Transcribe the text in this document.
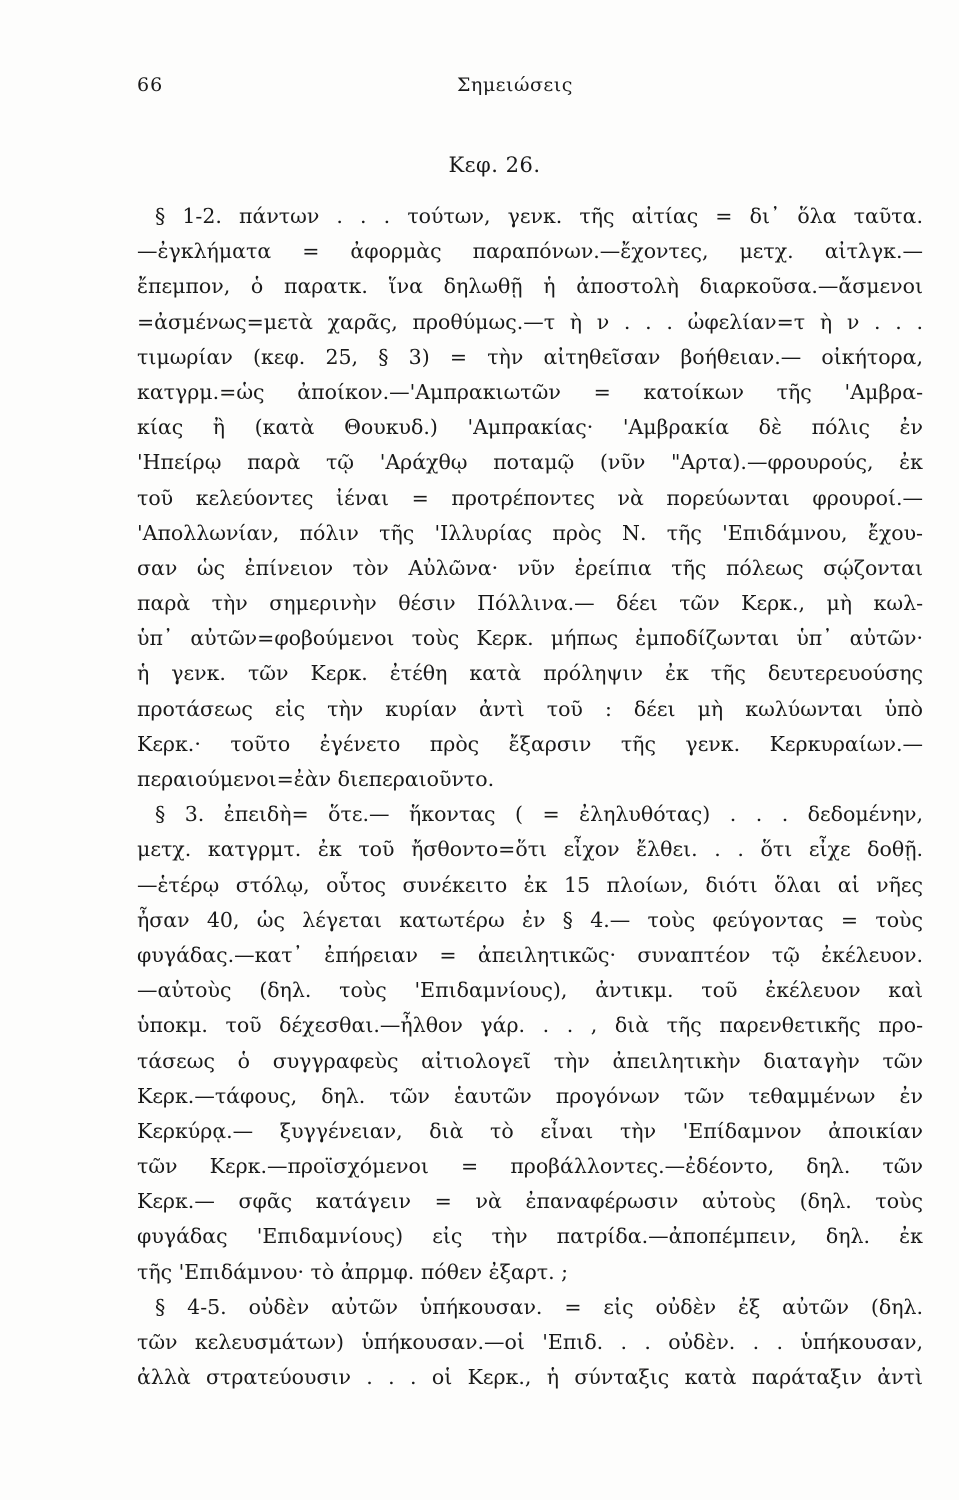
66	Σημειώσεις
Κεφ. 26.
§ 1-2. πάντων . . . τούτων, γενκ. τῆς αἰτίας = δι᾽ ὅλα ταῦτα.
—ἐγκλήματα = ἀφορμὰς παραπόνων.—ἔχοντες, μετχ. αἰτλγκ.—
ἔπεμπον, ὁ παρατκ. ἵνα δηλωθῇ ἡ ἀποστολὴ διαρκοῦσα.—ἄσμενοι
=ἀσμένως=μετὰ χαρᾶς, προθύμως.—τ ὴ ν . . . ὠφελίαν=τ ὴ ν . . .
τιμωρίαν (κεφ. 25, § 3) = τὴν αἰτηθεῖσαν βοήθειαν.— οἰκήτορα,
κατγρμ.=ὡς ἀποίκον.—'Αμπρακιωτῶν = κατοίκων τῆς 'Αμβρα-
κίας ἢ (κατὰ Θουκυδ.) 'Αμπρακίας· 'Αμβρακία δὲ πόλις ἐν
'Ηπείρῳ παρὰ τῷ 'Αράχθῳ ποταμῷ (νῦν "Αρτα).—φρουρούς, ἐκ
τοῦ κελεύοντες ἰέναι = προτρέποντες νὰ πορεύωνται φρουροί.—
'Απολλωνίαν, πόλιν τῆς 'Ιλλυρίας πρὸς Ν. τῆς 'Επιδάμνου, ἔχου-
σαν ὡς ἐπίνειον τὸν Αὐλῶνα· νῦν ἐρείπια τῆς πόλεως σῴζονται
παρὰ τὴν σημερινὴν θέσιν Πόλλινα.— δέει τῶν Κερκ., μὴ κωλ-
ὑπ᾽ αὐτῶν=φοβούμενοι τοὺς Κερκ. μήπως ἐμποδίζωνται ὑπ᾽ αὐτῶν·
ἡ γενκ. τῶν Κερκ. ἐτέθη κατὰ πρόληψιν ἐκ τῆς δευτερευούσης
προτάσεως εἰς τὴν κυρίαν ἀντὶ τοῦ : δέει μὴ κωλύωνται ὑπὸ
Κερκ.· τοῦτο ἐγένετο πρὸς ἔξαρσιν τῆς γενκ. Κερκυραίων.—
περαιούμενοι=ἐὰν διεπεραιοῦντο.
§ 3. ἐπειδὴ= ὅτε.— ἥκοντας ( = ἐληλυθότας) . . . δεδομένην,
μετχ. κατγρμτ. ἐκ τοῦ ἤσθοντο=ὅτι εἶχον ἔλθει. . . ὅτι εἶχε δοθῇ.
—ἑτέρῳ στόλῳ, οὗτος συνέκειτο ἐκ 15 πλοίων, διότι ὅλαι αἱ νῆες
ἦσαν 40, ὡς λέγεται κατωτέρω ἐν § 4.— τοὺς φεύγοντας = τοὺς
φυγάδας.—κατ᾽ ἐπήρειαν = ἀπειλητικῶς· συναπτέον τῷ ἐκέλευον.
—αὐτοὺς (δηλ. τοὺς 'Επιδαμνίους), ἀντικμ. τοῦ ἐκέλευον καὶ
ὑποκμ. τοῦ δέχεσθαι.—ἦλθον γάρ. . . , διὰ τῆς παρενθετικῆς προ-
τάσεως ὁ συγγραφεὺς αἰτιολογεῖ τὴν ἀπειλητικὴν διαταγὴν τῶν
Κερκ.—τάφους, δηλ. τῶν ἑαυτῶν προγόνων τῶν τεθαμμένων ἐν
Κερκύρᾳ.— ξυγγένειαν, διὰ τὸ εἶναι τὴν 'Επίδαμνον ἀποικίαν
τῶν Κερκ.—προϊσχόμενοι = προβάλλοντες.—ἐδέοντο, δηλ. τῶν
Κερκ.— σφᾶς κατάγειν = νὰ ἐπαναφέρωσιν αὐτοὺς (δηλ. τοὺς
φυγάδας 'Επιδαμνίους) εἰς τὴν πατρίδα.—ἀποπέμπειν, δηλ. ἐκ
τῆς 'Επιδάμνου· τὸ ἀπρμφ. πόθεν ἐξαρτ. ;
§ 4-5. οὐδὲν αὐτῶν ὑπήκουσαν. = εἰς οὐδὲν ἐξ αὐτῶν (δηλ.
τῶν κελευσμάτων) ὑπήκουσαν.—οἱ 'Επιδ. . . οὐδὲν. . . ὑπήκουσαν,
ἀλλὰ στρατεύουσιν . . . οἱ Κερκ., ἡ σύνταξις κατὰ παράταξιν ἀντὶ
